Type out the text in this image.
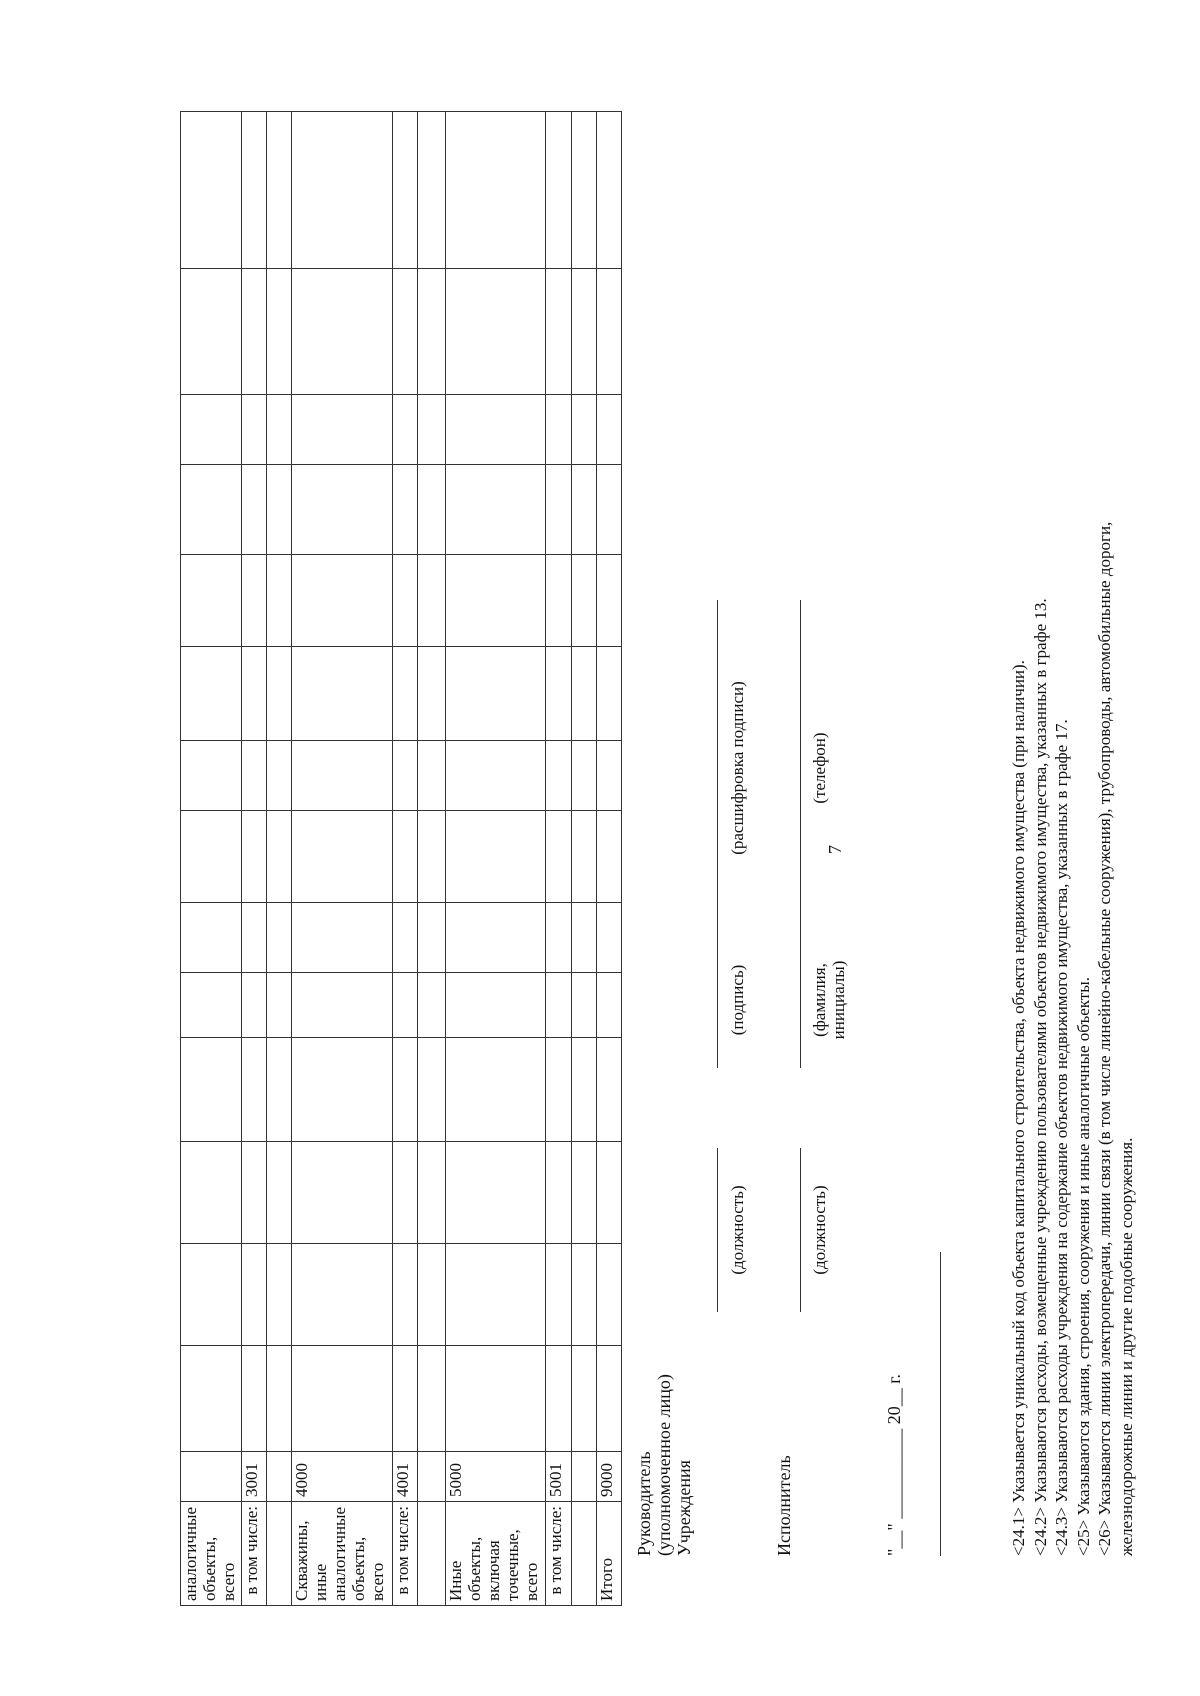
7
аналогичные объекты, всего															
в том числе:	3001														

Скважины, иные аналогичные объекты, всего	4000														
в том числе:	4001														

Иные объекты, включая точечные, всего	5000														
в том числе:	5001														

Итого	9000														Руководитель (уполномоченное лицо) Учреждения
(должность)
(подпись)
(расшифровка подписи)
Исполнитель
(должность)
(фамилия, инициалы)
(телефон)
"__" __________ 20__ г.	<24.1> Указывается уникальный код объекта капитального строительства, объекта недвижимого имущества (при наличии). <24.2> Указываются расходы, возмещенные учреждению пользователями объектов недвижимого имущества, указанных в графе 13. <24.3> Указываются расходы учреждения на содержание объектов недвижимого имущества, указанных в графе 17. <25> Указываются здания, строения, сооружения и иные аналогичные объекты. <26> Указываются линии электропередачи, линии связи (в том числе линейно-кабельные сооружения), трубопроводы, автомобильные дороги, железнодорожные линии и другие подобные сооружения.
